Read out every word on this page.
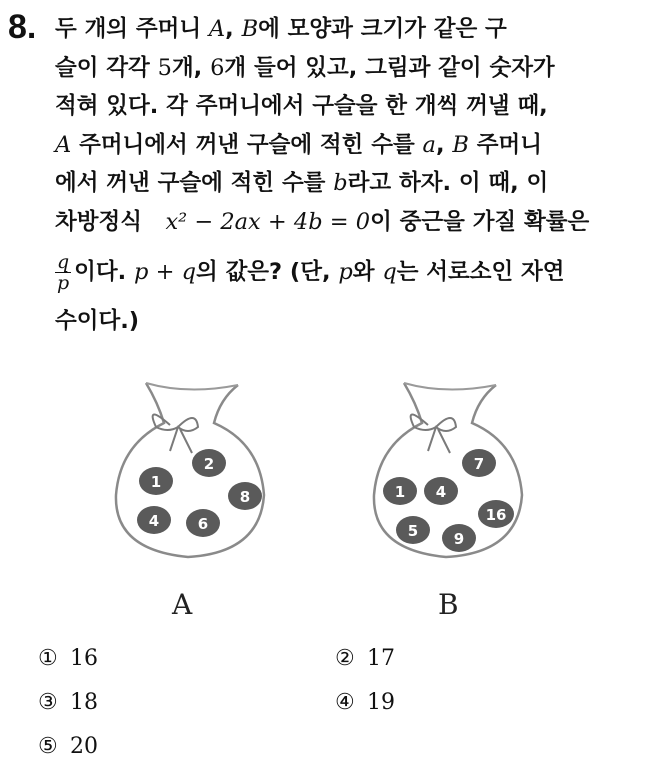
8. 두 개의 주머니 A, B에 모양과 크기가 같은 구
슬이 각각 5개, 6개 들어 있고, 그림과 같이 숫자가
적혀 있다. 각 주머니에서 구슬을 한 개씩 꺼낼 때,
A 주머니에서 꺼낸 구슬에 적힌 수를 a, B 주머니
에서 꺼낸 구슬에 적힌 수를 b라고 하자. 이 때, 이
차방정식 x² − 2ax + 4b = 0이 중근을 가질 확률은
$\frac{q}{p}$ 이다. p + q의 값은? (단, p와 q는 서로소인 자연
수이다.)
1
2
8
4	6
A
7
1 4
16
5 9
B
① 16	② 17
③ 18	④ 19
⑤ 20
